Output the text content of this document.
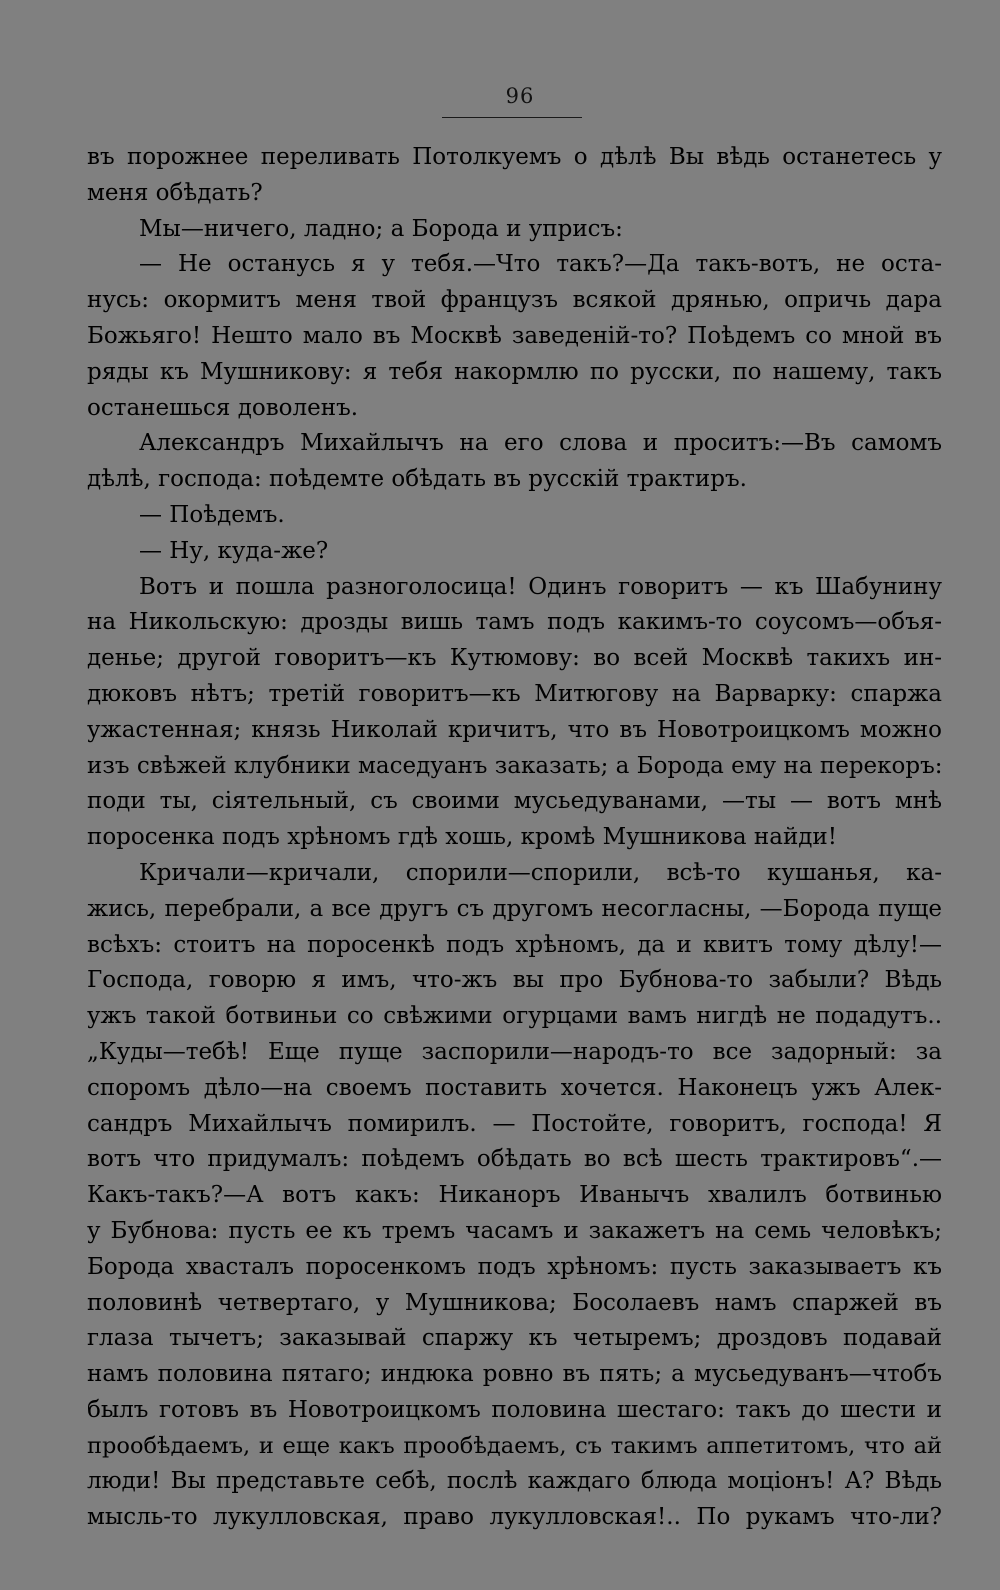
96
въ порожнее переливать Потолкуемъ о дѣлѣ Вы вѣдь останетесь у
меня обѣдать?
Мы—ничего, ладно; а Борода и уприсъ:
— Не останусь я у тебя.—Что такъ?—Да такъ-вотъ, не оста-
нусь: окормитъ меня твой французъ всякой дрянью, опричь дара
Божьяго! Нешто мало въ Москвѣ заведеній-то? Поѣдемъ со мной въ
ряды къ Мушникову: я тебя накормлю по русски, по нашему, такъ
останешься доволенъ.
Александръ Михайлычъ на его слова и проситъ:—Въ самомъ
дѣлѣ, господа: поѣдемте обѣдать въ русскій трактиръ.
— Поѣдемъ.
— Ну, куда-же?
Вотъ и пошла разноголосица! Одинъ говоритъ — къ Шабунину
на Никольскую: дрозды вишь тамъ подъ какимъ-то соусомъ—объя-
денье; другой говоритъ—къ Кутюмову: во всей Москвѣ такихъ ин-
дюковъ нѣтъ; третій говоритъ—къ Митюгову на Варварку: спаржа
ужастенная; князь Николай кричитъ, что въ Новотроицкомъ можно
изъ свѣжей клубники маседуанъ заказать; а Борода ему на перекоръ:
поди ты, сіятельный, съ своими мусьедуванами, —ты — вотъ мнѣ
поросенка подъ хрѣномъ гдѣ хошь, кромѣ Мушникова найди!
Кричали—кричали, спорили—спорили, всѣ-то кушанья, ка-
жись, перебрали, а все другъ съ другомъ несогласны, —Борода пуще
всѣхъ: стоитъ на поросенкѣ подъ хрѣномъ, да и квитъ тому дѣлу!—
Господа, говорю я имъ, что-жъ вы про Бубнова-то забыли? Вѣдь
ужъ такой ботвиньи со свѣжими огурцами вамъ нигдѣ не подадутъ..
„Куды—тебѣ! Еще пуще заспорили—народъ-то все задорный: за
споромъ дѣло—на своемъ поставить хочется. Наконецъ ужъ Алек-
сандръ Михайлычъ помирилъ. — Постойте, говоритъ, господа! Я
вотъ что придумалъ: поѣдемъ обѣдать во всѣ шесть трактировъ“.—
Какъ-такъ?—А вотъ какъ: Никаноръ Иванычъ хвалилъ ботвинью
у Бубнова: пусть ее къ тремъ часамъ и закажетъ на семь человѣкъ;
Борода хвасталъ поросенкомъ подъ хрѣномъ: пусть заказываетъ къ
половинѣ четвертаго, у Мушникова; Босолаевъ намъ спаржей въ
глаза тычетъ; заказывай спаржу къ четыремъ; дроздовъ подавай
намъ половина пятаго; индюка ровно въ пять; а мусьедуванъ—чтобъ
былъ готовъ въ Новотроицкомъ половина шестаго: такъ до шести и
прообѣдаемъ, и еще какъ прообѣдаемъ, съ такимъ аппетитомъ, что ай
люди! Вы представьте себѣ, послѣ каждаго блюда моціонъ! А? Вѣдь
мысль-то лукулловская, право лукулловская!.. По рукамъ что-ли?
